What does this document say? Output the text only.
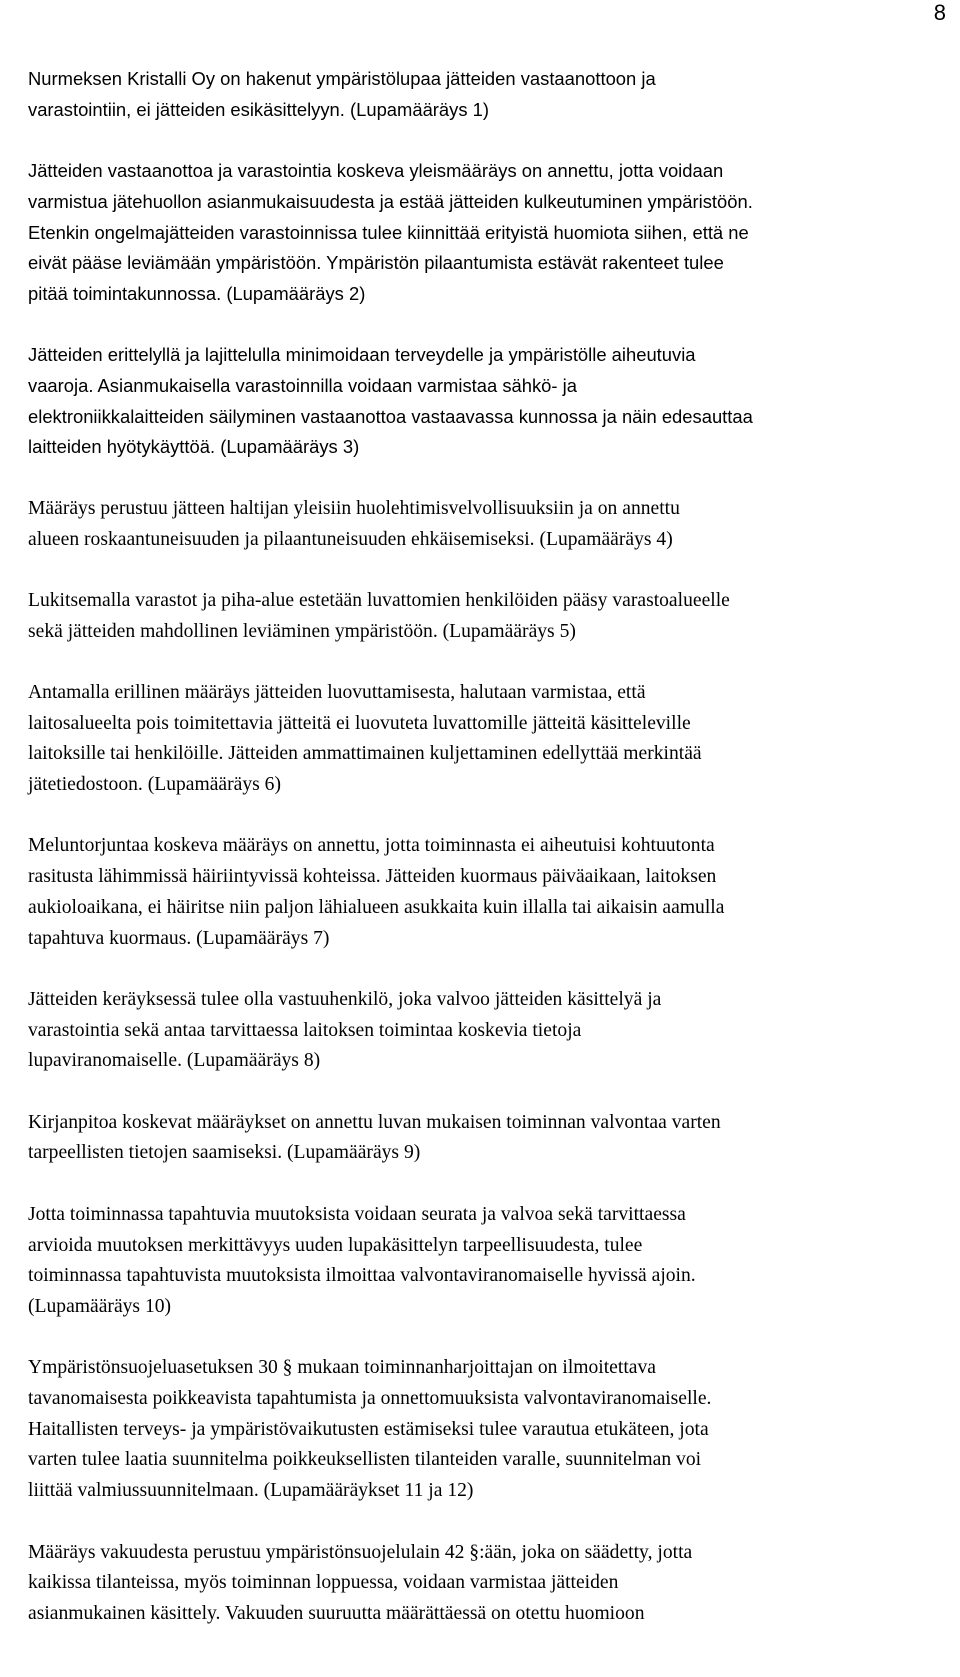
8
Nurmeksen Kristalli Oy on hakenut ympäristölupaa jätteiden vastaanottoon ja
varastointiin, ei jätteiden esikäsittelyyn. (Lupamääräys 1)
Jätteiden vastaanottoa ja varastointia koskeva yleismääräys on annettu, jotta voidaan
varmistua jätehuollon asianmukaisuudesta ja estää jätteiden kulkeutuminen ympäristöön.
Etenkin ongelmajätteiden varastoinnissa tulee kiinnittää erityistä huomiota siihen, että ne
eivät pääse leviämään ympäristöön. Ympäristön pilaantumista estävät rakenteet tulee
pitää toimintakunnossa. (Lupamääräys 2)
Jätteiden erittelyllä ja lajittelulla minimoidaan terveydelle ja ympäristölle aiheutuvia
vaaroja. Asianmukaisella varastoinnilla voidaan varmistaa sähkö- ja
elektroniikkalaitteiden säilyminen vastaanottoa vastaavassa kunnossa ja näin edesauttaa
laitteiden hyötykäyttöä. (Lupamääräys 3)
Määräys perustuu jätteen haltijan yleisiin huolehtimisvelvollisuuksiin ja on annettu
alueen roskaantuneisuuden ja pilaantuneisuuden ehkäisemiseksi. (Lupamääräys 4)
Lukitsemalla varastot ja piha-alue estetään luvattomien henkilöiden pääsy varastoalueelle
sekä jätteiden mahdollinen leviäminen ympäristöön. (Lupamääräys 5)
Antamalla erillinen määräys jätteiden luovuttamisesta, halutaan varmistaa, että
laitosalueelta pois toimitettavia jätteitä ei luovuteta luvattomille jätteitä käsitteleville
laitoksille tai henkilöille. Jätteiden ammattimainen kuljettaminen edellyttää merkintää
jätetiedostoon. (Lupamääräys 6)
Meluntorjuntaa koskeva määräys on annettu, jotta toiminnasta ei aiheutuisi kohtuutonta
rasitusta lähimmissä häiriintyvissä kohteissa. Jätteiden kuormaus päiväaikaan, laitoksen
aukioloaikana, ei häiritse niin paljon lähialueen asukkaita kuin illalla tai aikaisin aamulla
tapahtuva kuormaus. (Lupamääräys 7)
Jätteiden keräyksessä tulee olla vastuuhenkilö, joka valvoo jätteiden käsittelyä ja
varastointia sekä antaa tarvittaessa laitoksen toimintaa koskevia tietoja
lupaviranomaiselle. (Lupamääräys 8)
Kirjanpitoa koskevat määräykset on annettu luvan mukaisen toiminnan valvontaa varten
tarpeellisten tietojen saamiseksi. (Lupamääräys 9)
Jotta toiminnassa tapahtuvia muutoksista voidaan seurata ja valvoa sekä tarvittaessa
arvioida muutoksen merkittävyys uuden lupakäsittelyn tarpeellisuudesta, tulee
toiminnassa tapahtuvista muutoksista ilmoittaa valvontaviranomaiselle hyvissä ajoin.
(Lupamääräys 10)
Ympäristönsuojeluasetuksen 30 § mukaan toiminnanharjoittajan on ilmoitettava
tavanomaisesta poikkeavista tapahtumista ja onnettomuuksista valvontaviranomaiselle.
Haitallisten terveys- ja ympäristövaikutusten estämiseksi tulee varautua etukäteen, jota
varten tulee laatia suunnitelma poikkeuksellisten tilanteiden varalle, suunnitelman voi
liittää valmiussuunnitelmaan. (Lupamääräykset 11 ja 12)
Määräys vakuudesta perustuu ympäristönsuojelulain 42 §:ään, joka on säädetty, jotta
kaikissa tilanteissa, myös toiminnan loppuessa, voidaan varmistaa jätteiden
asianmukainen käsittely. Vakuuden suuruutta määrättäessä on otettu huomioon
